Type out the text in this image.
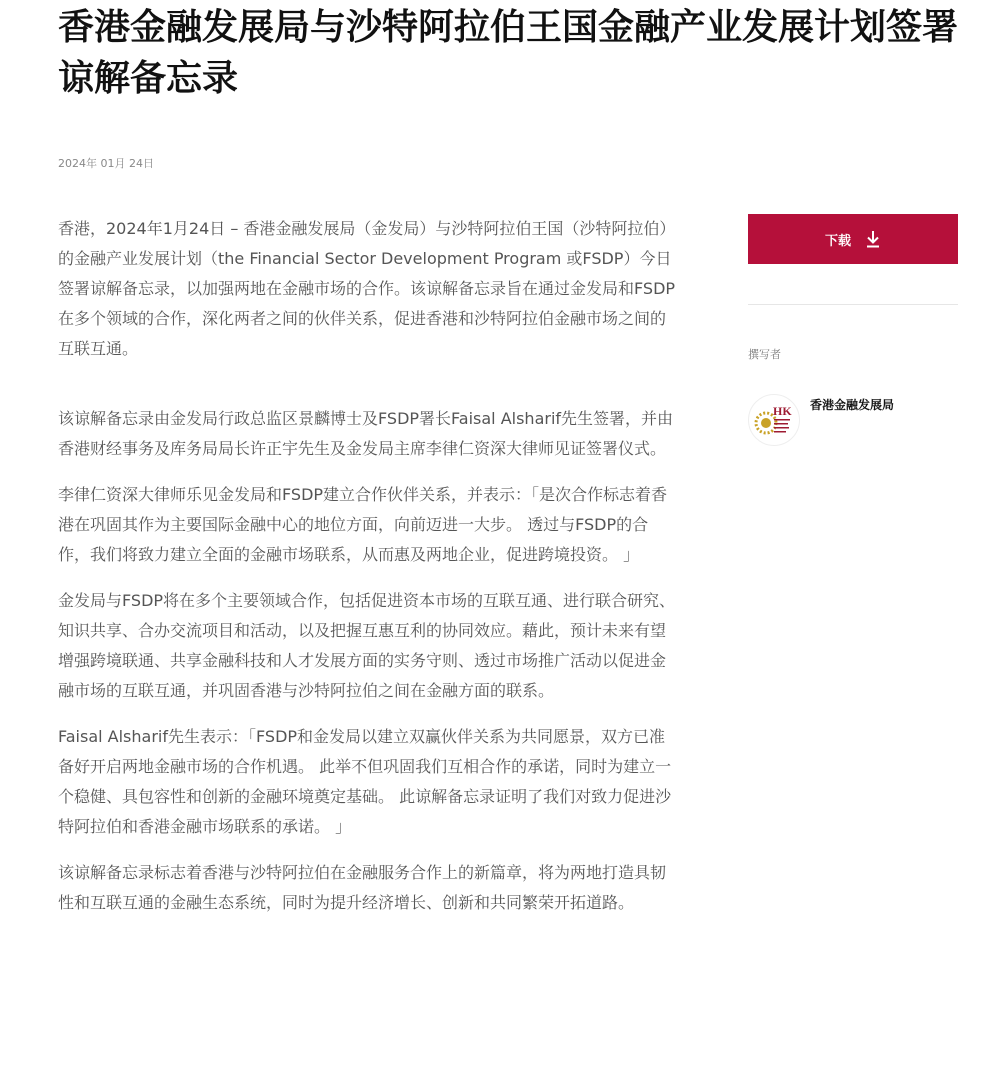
香港金融发展局与沙特阿拉伯王国金融产业发展计划签署谅解备忘录
2024年 01月 24日

香港，2024年1月24日 – 香港金融发展局（金发局）与沙特阿拉伯王国（沙特阿拉伯）的金融产业发展计划（the Financial Sector Development Program 或FSDP）今日签署谅解备忘录，以加强两地在金融市场的合作。该谅解备忘录旨在通过金发局和FSDP在多个领域的合作，深化两者之间的伙伴关系，促进香港和沙特阿拉伯金融市场之间的互联互通。

该谅解备忘录由金发局行政总监区景麟博士及FSDP署长Faisal Alsharif先生签署，并由香港财经事务及库务局局长许正宇先生及金发局主席李律仁资深大律师见证签署仪式。

李律仁资深大律师乐见金发局和FSDP建立合作伙伴关系，并表示：「是次合作标志着香港在巩固其作为主要国际金融中心的地位方面，向前迈进一大步。 透过与FSDP的合作，我们将致力建立全面的金融市场联系，从而惠及两地企业，促进跨境投资。 」

金发局与FSDP将在多个主要领域合作，包括促进资本市场的互联互通、进行联合研究、知识共享、合办交流项目和活动，以及把握互惠互利的协同效应。藉此，预计未来有望增强跨境联通、共享金融科技和人才发展方面的实务守则、透过市场推广活动以促进金融市场的互联互通，并巩固香港与沙特阿拉伯之间在金融方面的联系。

Faisal Alsharif先生表示：「FSDP和金发局以建立双赢伙伴关系为共同愿景，双方已准备好开启两地金融市场的合作机遇。 此举不但巩固我们互相合作的承诺，同时为建立一个稳健、具包容性和创新的金融环境奠定基础。 此谅解备忘录证明了我们对致力促进沙特阿拉伯和香港金融市场联系的承诺。 」

该谅解备忘录标志着香港与沙特阿拉伯在金融服务合作上的新篇章，将为两地打造具韧性和互联互通的金融生态系统，同时为提升经济增长、创新和共同繁荣开拓道路。

下载
撰写者
HK 香港金融发展局
